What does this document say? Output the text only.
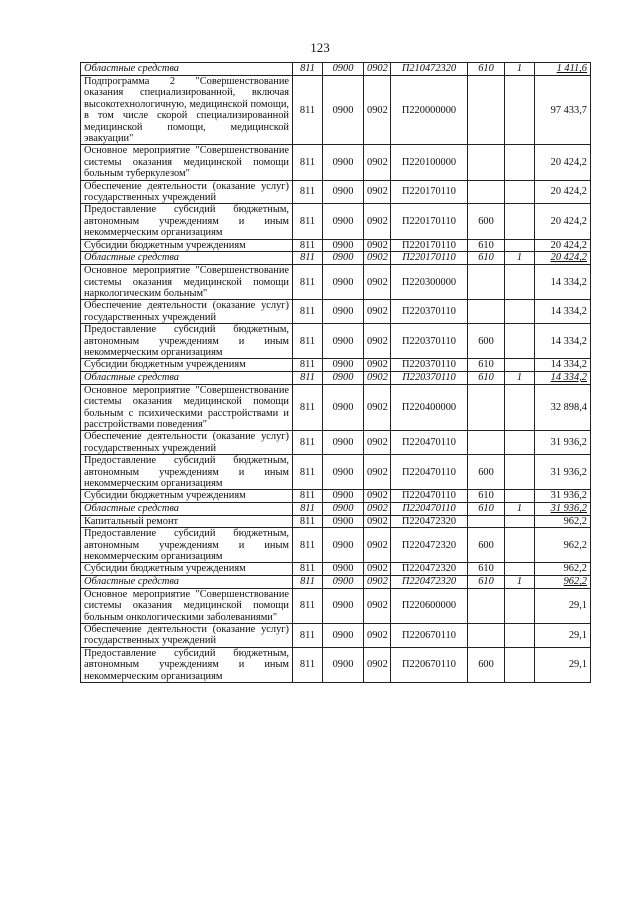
123
Областные средства	811	0900	0902	П210472320	610	1	1 411,6
Подпрограмма 2 "Совершенствование оказания специализированной, включая высокотехнологичную, медицинской помощи, в том числе скорой специализированной медицинской помощи, медицинской эвакуации"	811	0900	0902	П220000000			97 433,7
Основное мероприятие "Совершенствование системы оказания медицинской помощи больным туберкулезом"	811	0900	0902	П220100000			20 424,2
Обеспечение деятельности (оказание услуг) государственных учреждений	811	0900	0902	П220170110			20 424,2
Предоставление субсидий бюджетным, автономным учреждениям и иным некоммерческим организациям	811	0900	0902	П220170110	600		20 424,2
Субсидии бюджетным учреждениям	811	0900	0902	П220170110	610		20 424,2
Областные средства	811	0900	0902	П220170110	610	1	20 424,2
Основное мероприятие "Совершенствование системы оказания медицинской помощи наркологическим больным"	811	0900	0902	П220300000			14 334,2
Обеспечение деятельности (оказание услуг) государственных учреждений	811	0900	0902	П220370110			14 334,2
Предоставление субсидий бюджетным, автономным учреждениям и иным некоммерческим организациям	811	0900	0902	П220370110	600		14 334,2
Субсидии бюджетным учреждениям	811	0900	0902	П220370110	610		14 334,2
Областные средства	811	0900	0902	П220370110	610	1	14 334,2
Основное мероприятие "Совершенствование системы оказания медицинской помощи больным с психическими расстройствами и расстройствами поведения"	811	0900	0902	П220400000			32 898,4
Обеспечение деятельности (оказание услуг) государственных учреждений	811	0900	0902	П220470110			31 936,2
Предоставление субсидий бюджетным, автономным учреждениям и иным некоммерческим организациям	811	0900	0902	П220470110	600		31 936,2
Субсидии бюджетным учреждениям	811	0900	0902	П220470110	610		31 936,2
Областные средства	811	0900	0902	П220470110	610	1	31 936,2
Капитальный ремонт	811	0900	0902	П220472320			962,2
Предоставление субсидий бюджетным, автономным учреждениям и иным некоммерческим организациям	811	0900	0902	П220472320	600		962,2
Субсидии бюджетным учреждениям	811	0900	0902	П220472320	610		962,2
Областные средства	811	0900	0902	П220472320	610	1	962,2
Основное мероприятие "Совершенствование системы оказания медицинской помощи больным онкологическими заболеваниями"	811	0900	0902	П220600000			29,1
Обеспечение деятельности (оказание услуг) государственных учреждений	811	0900	0902	П220670110			29,1
Предоставление субсидий бюджетным, автономным учреждениям и иным некоммерческим организациям	811	0900	0902	П220670110	600		29,1
